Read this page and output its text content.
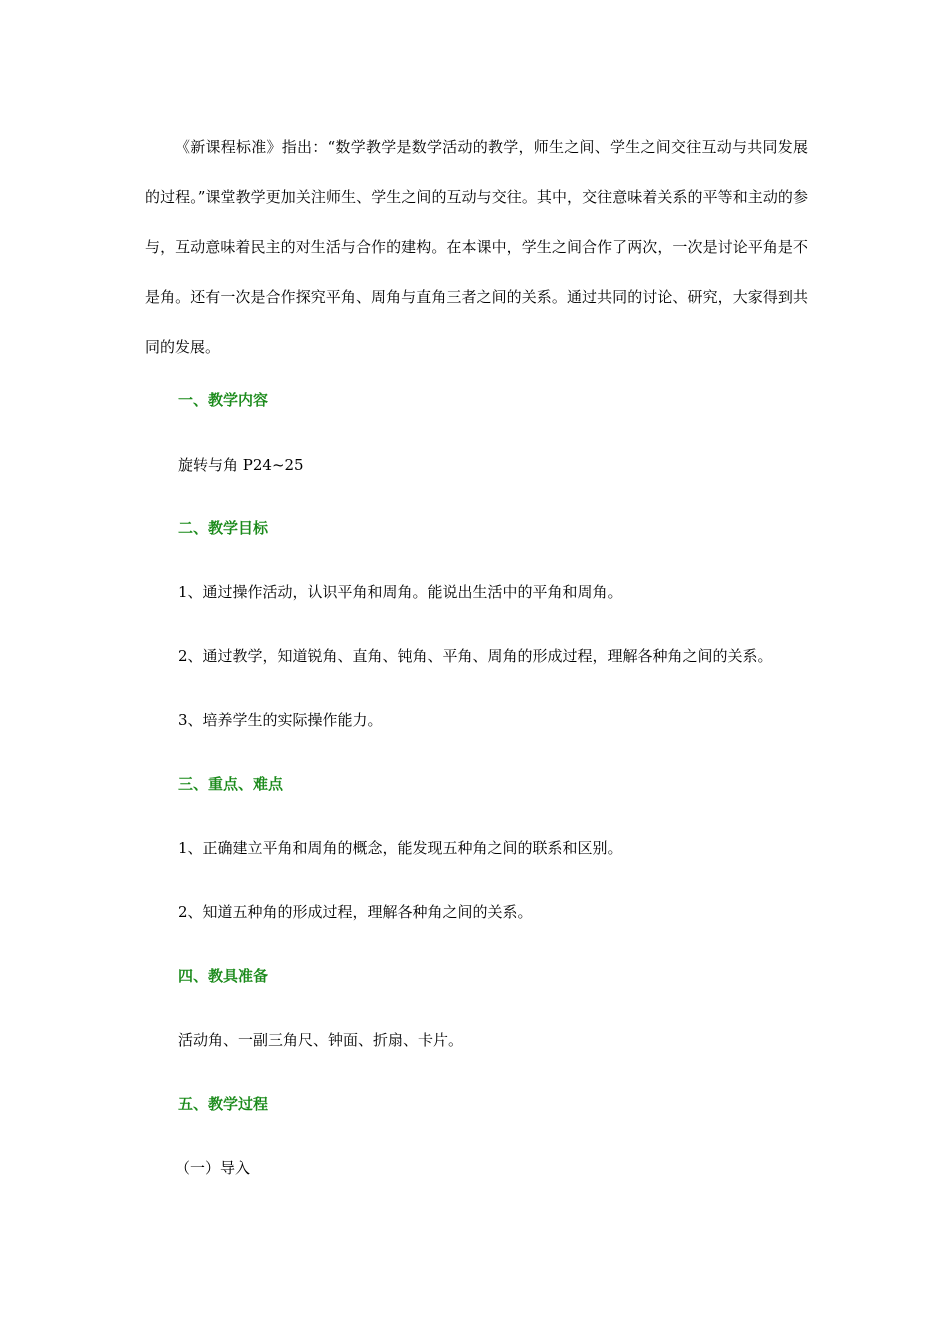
《新课程标准》指出：“数学教学是数学活动的教学，师生之间、学生之间交往互动与共同发展的过程。”课堂教学更加关注师生、学生之间的互动与交往。其中，交往意味着关系的平等和主动的参与，互动意味着民主的对生活与合作的建构。在本课中，学生之间合作了两次，一次是讨论平角是不是角。还有一次是合作探究平角、周角与直角三者之间的关系。通过共同的讨论、研究，大家得到共同的发展。

一、教学内容

旋转与角 P24~25

二、教学目标

1、通过操作活动，认识平角和周角。能说出生活中的平角和周角。

2、通过教学，知道锐角、直角、钝角、平角、周角的形成过程，理解各种角之间的关系。

3、培养学生的实际操作能力。

三、重点、难点

1、正确建立平角和周角的概念，能发现五种角之间的联系和区别。

2、知道五种角的形成过程，理解各种角之间的关系。

四、教具准备

活动角、一副三角尺、钟面、折扇、卡片。

五、教学过程

（一）导入
